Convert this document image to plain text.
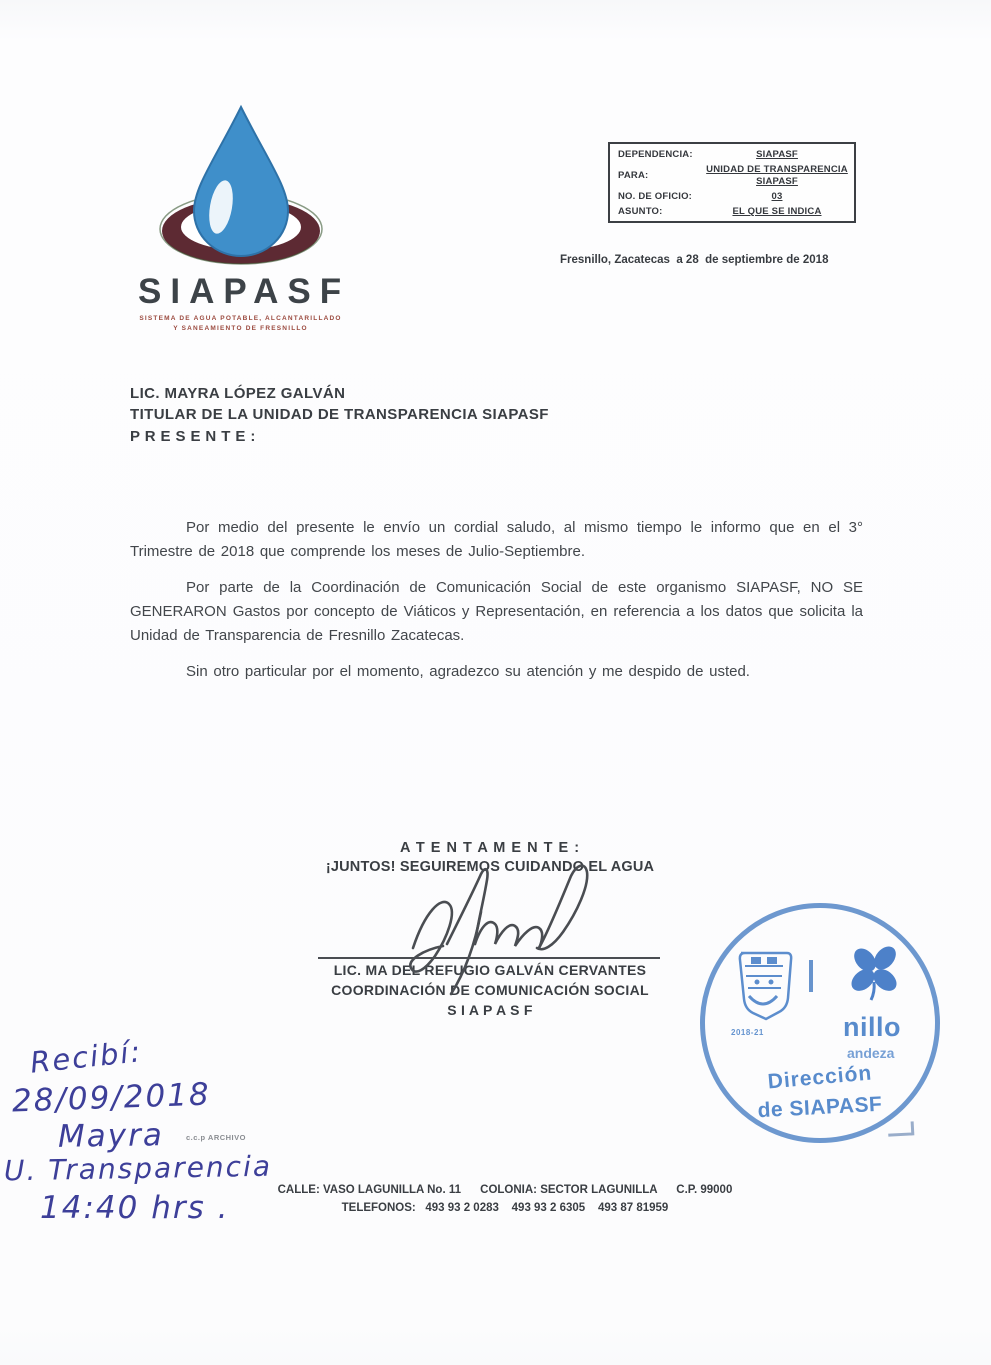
SIAPASF
SISTEMA DE AGUA POTABLE, ALCANTARILLADO
Y SANEAMIENTO DE FRESNILLO
DEPENDENCIA:	SIAPASF
PARA:
UNIDAD DE TRANSPARENCIA SIAPASF
NO. DE OFICIO:	03
ASUNTO:	EL QUE SE INDICA
Fresnillo, Zacatecas  a 28  de septiembre de 2018
LIC. MAYRA LÓPEZ GALVÁN
TITULAR DE LA UNIDAD DE TRANSPARENCIA SIAPASF
P R E S E N T E :

Por medio del presente le envío un cordial saludo, al mismo tiempo le informo que en el 3° Trimestre de 2018 que comprende los meses de Julio-Septiembre.

Por parte de la Coordinación de Comunicación Social de este organismo SIAPASF, NO SE GENERARON Gastos por concepto de Viáticos y Representación, en referencia a los datos que solicita la Unidad de Transparencia de Fresnillo Zacatecas.

Sin otro particular por el momento, agradezco su atención y me despido de usted.

A T E N T A M E N T E :
¡JUNTOS! SEGUIREMOS CUIDANDO EL AGUA
LIC. MA DEL REFUGIO GALVÁN CERVANTES
COORDINACIÓN DE COMUNICACIÓN SOCIAL
S I A P A S F
2018-21	nillo
andeza
Dirección
de SIAPASF
c.c.p ARCHIVO
Recibí:
28/09/2018
Mayra
U. Transparencia
14:40 hrs .	CALLE: VASO LAGUNILLA No. 11      COLONIA: SECTOR LAGUNILLA      C.P. 99000
TELEFONOS:   493 93 2 0283    493 93 2 6305    493 87 81959
